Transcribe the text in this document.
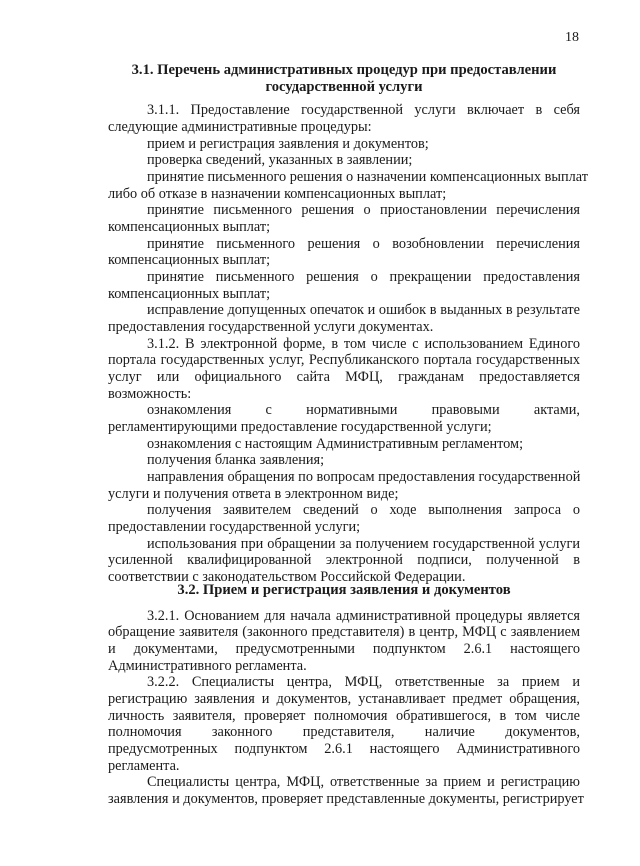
18
3.1. Перечень административных процедур при предоставлении
государственной услуги
3.1.1. Предоставление государственной услуги включает в себя
следующие административные процедуры:
прием и регистрация заявления и документов;
проверка сведений, указанных в заявлении;
принятие письменного решения о назначении компенсационных выплат
либо об отказе в назначении компенсационных выплат;
принятие письменного решения о приостановлении перечисления
компенсационных выплат;
принятие письменного решения о возобновлении перечисления
компенсационных выплат;
принятие письменного решения о прекращении предоставления
компенсационных выплат;
исправление допущенных опечаток и ошибок в выданных в результате
предоставления государственной услуги документах.
3.1.2. В электронной форме, в том числе с использованием Единого
портала государственных услуг, Республиканского портала государственных
услуг или официального сайта МФЦ, гражданам предоставляется
возможность:
ознакомления с нормативными правовыми актами,
регламентирующими предоставление государственной услуги;
ознакомления с настоящим Административным регламентом;
получения бланка заявления;
направления обращения по вопросам предоставления государственной
услуги и получения ответа в электронном виде;
получения заявителем сведений о ходе выполнения запроса о
предоставлении государственной услуги;
использования при обращении за получением государственной услуги
усиленной квалифицированной электронной подписи, полученной в
соответствии с законодательством Российской Федерации.
3.2. Прием и регистрация заявления и документов
3.2.1. Основанием для начала административной процедуры является
обращение заявителя (законного представителя) в центр, МФЦ с заявлением
и документами, предусмотренными подпунктом 2.6.1 настоящего
Административного регламента.
3.2.2. Специалисты центра, МФЦ, ответственные за прием и
регистрацию заявления и документов, устанавливает предмет обращения,
личность заявителя, проверяет полномочия обратившегося, в том числе
полномочия законного представителя, наличие документов,
предусмотренных подпунктом 2.6.1 настоящего Административного
регламента.
Специалисты центра, МФЦ, ответственные за прием и регистрацию
заявления и документов, проверяет представленные документы, регистрирует
